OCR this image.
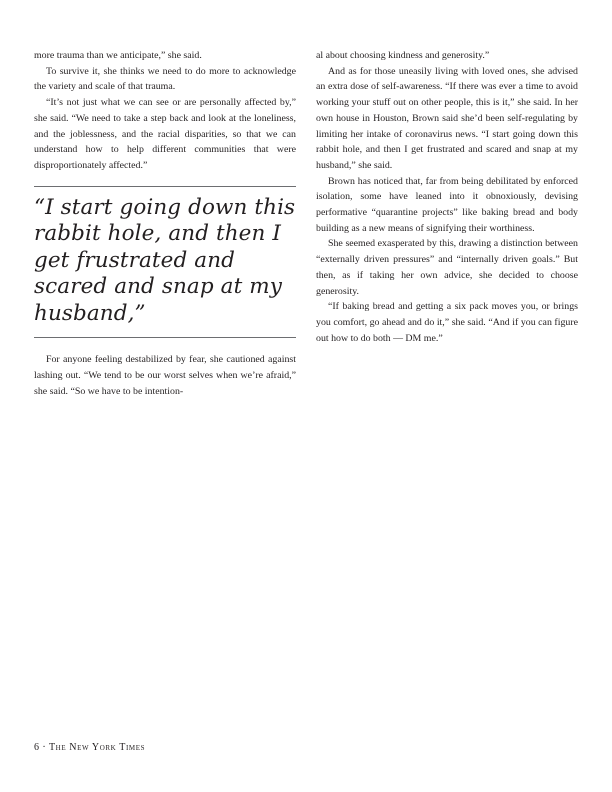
more trauma than we anticipate,” she said.

To survive it, she thinks we need to do more to acknowledge the variety and scale of that trauma.

“It’s not just what we can see or are personally affected by,” she said. “We need to take a step back and look at the loneliness, and the joblessness, and the racial disparities, so that we can understand how to help different communities that were disproportionately affected.”

“I start going down this rabbit hole, and then I get frustrated and scared and snap at my husband,”

For anyone feeling destabilized by fear, she cautioned against lashing out. “We tend to be our worst selves when we’re afraid,” she said. “So we have to be intention-

al about choosing kindness and generosity.”

And as for those uneasily living with loved ones, she advised an extra dose of self-awareness. “If there was ever a time to avoid working your stuff out on other people, this is it,” she said. In her own house in Houston, Brown said she’d been self-regulating by limiting her intake of coronavirus news. “I start going down this rabbit hole, and then I get frustrated and scared and snap at my husband,” she said.

Brown has noticed that, far from being debilitated by enforced isolation, some have leaned into it obnoxiously, devising performative “quarantine projects” like baking bread and body building as a new means of signifying their worthiness.

She seemed exasperated by this, drawing a distinction between “externally driven pressures” and “internally driven goals.” But then, as if taking her own advice, she decided to choose generosity.

“If baking bread and getting a six pack moves you, or brings you comfort, go ahead and do it,” she said. “And if you can figure out how to do both — DM me.”

6 · The New York Times
